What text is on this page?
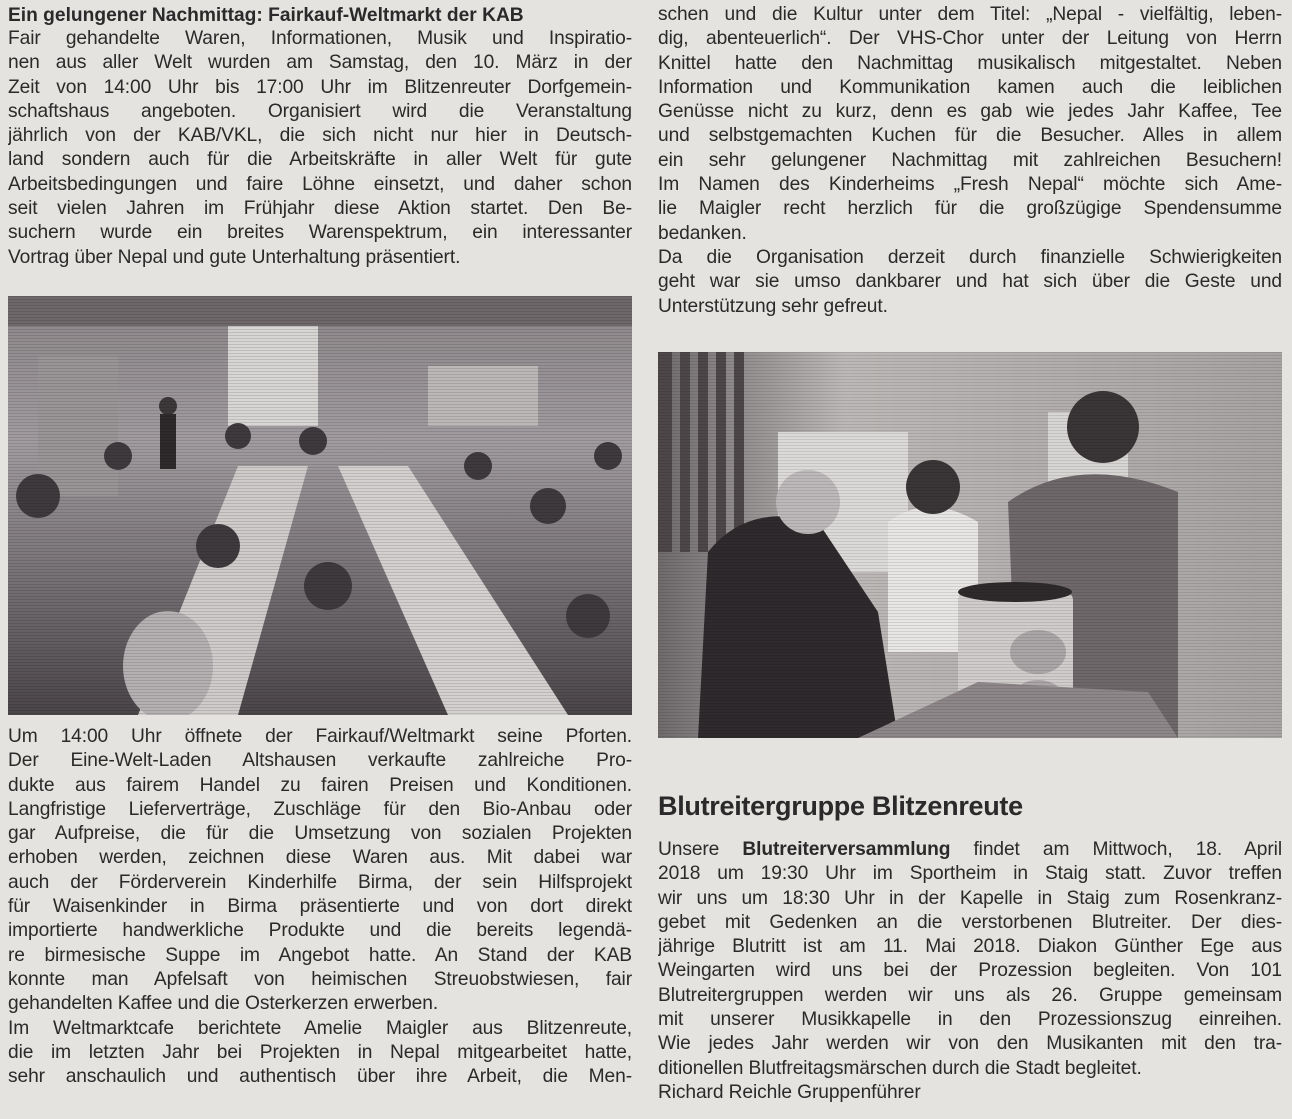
Ein gelungener Nachmittag: Fairkauf-Weltmarkt der KAB
Fair gehandelte Waren, Informationen, Musik und Inspiratio-
nen aus aller Welt wurden am Samstag, den 10. März in der
Zeit von 14:00 Uhr bis 17:00 Uhr im Blitzenreuter Dorfgemein-
schaftshaus angeboten. Organisiert wird die Veranstaltung
jährlich von der KAB/VKL, die sich nicht nur hier in Deutsch-
land sondern auch für die Arbeitskräfte in aller Welt für gute
Arbeitsbedingungen und faire Löhne einsetzt, und daher schon
seit vielen Jahren im Frühjahr diese Aktion startet. Den Be-
suchern wurde ein breites Warenspektrum, ein interessanter
Vortrag über Nepal und gute Unterhaltung präsentiert.
Um 14:00 Uhr öffnete der Fairkauf/Weltmarkt seine Pforten.
Der Eine-Welt-Laden Altshausen verkaufte zahlreiche Pro-
dukte aus fairem Handel zu fairen Preisen und Konditionen.
Langfristige Lieferverträge, Zuschläge für den Bio-Anbau oder
gar Aufpreise, die für die Umsetzung von sozialen Projekten
erhoben werden, zeichnen diese Waren aus. Mit dabei war
auch der Förderverein Kinderhilfe Birma, der sein Hilfsprojekt
für Waisenkinder in Birma präsentierte und von dort direkt
importierte handwerkliche Produkte und die bereits legendä-
re birmesische Suppe im Angebot hatte. An Stand der KAB
konnte man Apfelsaft von heimischen Streuobstwiesen, fair
gehandelten Kaffee und die Osterkerzen erwerben.
Im Weltmarktcafe berichtete Amelie Maigler aus Blitzenreute,
die im letzten Jahr bei Projekten in Nepal mitgearbeitet hatte,
sehr anschaulich und authentisch über ihre Arbeit, die Men-
schen und die Kultur unter dem Titel: „Nepal - vielfältig, leben-
dig, abenteuerlich“. Der VHS-Chor unter der Leitung von Herrn
Knittel hatte den Nachmittag musikalisch mitgestaltet. Neben
Information und Kommunikation kamen auch die leiblichen
Genüsse nicht zu kurz, denn es gab wie jedes Jahr Kaffee, Tee
und selbstgemachten Kuchen für die Besucher. Alles in allem
ein sehr gelungener Nachmittag mit zahlreichen Besuchern!
Im Namen des Kinderheims „Fresh Nepal“ möchte sich Ame-
lie Maigler recht herzlich für die großzügige Spendensumme
bedanken.
Da die Organisation derzeit durch finanzielle Schwierigkeiten
geht war sie umso dankbarer und hat sich über die Geste und
Unterstützung sehr gefreut.
Blutreitergruppe Blitzenreute
Unsere Blutreiterversammlung findet am Mittwoch, 18. April
2018 um 19:30 Uhr im Sportheim in Staig statt. Zuvor treffen
wir uns um 18:30 Uhr in der Kapelle in Staig zum Rosenkranz-
gebet mit Gedenken an die verstorbenen Blutreiter. Der dies-
jährige Blutritt ist am 11. Mai 2018. Diakon Günther Ege aus
Weingarten wird uns bei der Prozession begleiten. Von 101
Blutreitergruppen werden wir uns als 26. Gruppe gemeinsam
mit unserer Musikkapelle in den Prozessionszug einreihen.
Wie jedes Jahr werden wir von den Musikanten mit den tra-
ditionellen Blutfreitagsmärschen durch die Stadt begleitet.
Richard Reichle Gruppenführer
